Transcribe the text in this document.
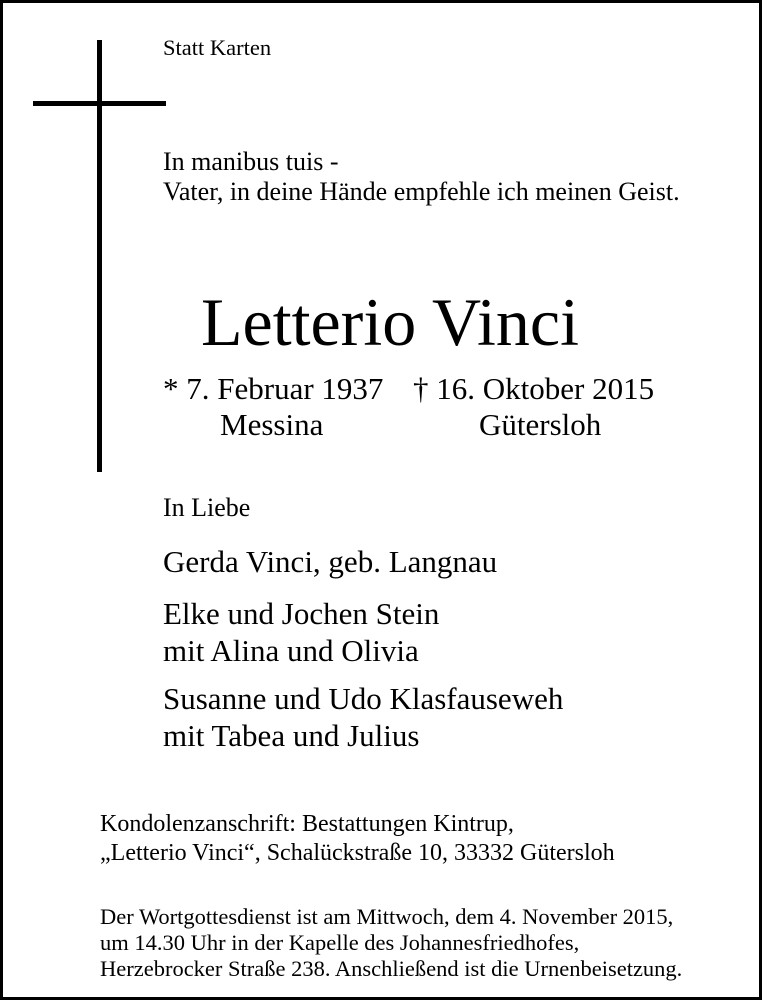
Statt Karten
In manibus tuis -
Vater, in deine Hände empfehle ich meinen Geist.
Letterio Vinci
* 7. Februar 1937 † 16. Oktober 2015
Messina	Gütersloh
In Liebe
Gerda Vinci, geb. Langnau
Elke und Jochen Stein
mit Alina und Olivia
Susanne und Udo Klasfauseweh
mit Tabea und Julius
Kondolenzanschrift: Bestattungen Kintrup,
„Letterio Vinci“, Schalückstraße 10, 33332 Gütersloh
Der Wortgottesdienst ist am Mittwoch, dem 4. November 2015,
um 14.30 Uhr in der Kapelle des Johannesfriedhofes,
Herzebrocker Straße 238. Anschließend ist die Urnenbeisetzung.
